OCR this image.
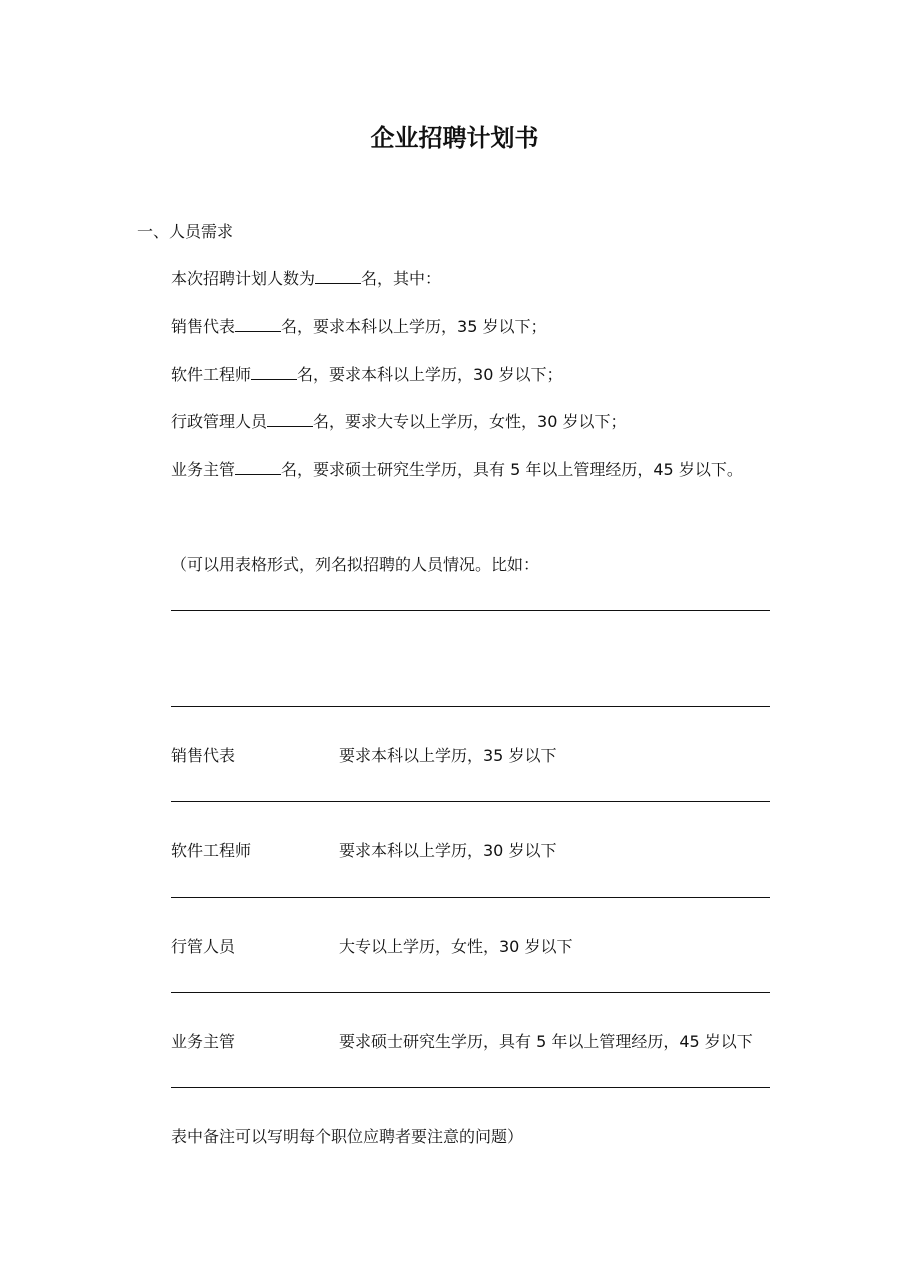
企业招聘计划书
一、人员需求
本次招聘计划人数为	名，其中：
销售代表	名，要求本科以上学历，35 岁以下；
软件工程师	名，要求本科以上学历，30 岁以下；
行政管理人员	名，要求大专以上学历，女性，30 岁以下；
业务主管	名，要求硕士研究生学历，具有 5 年以上管理经历，45 岁以下。
（可以用表格形式，列名拟招聘的人员情况。比如：
销售代表	要求本科以上学历，35 岁以下
软件工程师	要求本科以上学历，30 岁以下
行管人员	大专以上学历，女性，30 岁以下
业务主管	要求硕士研究生学历，具有 5 年以上管理经历，45 岁以下
表中备注可以写明每个职位应聘者要注意的问题）
